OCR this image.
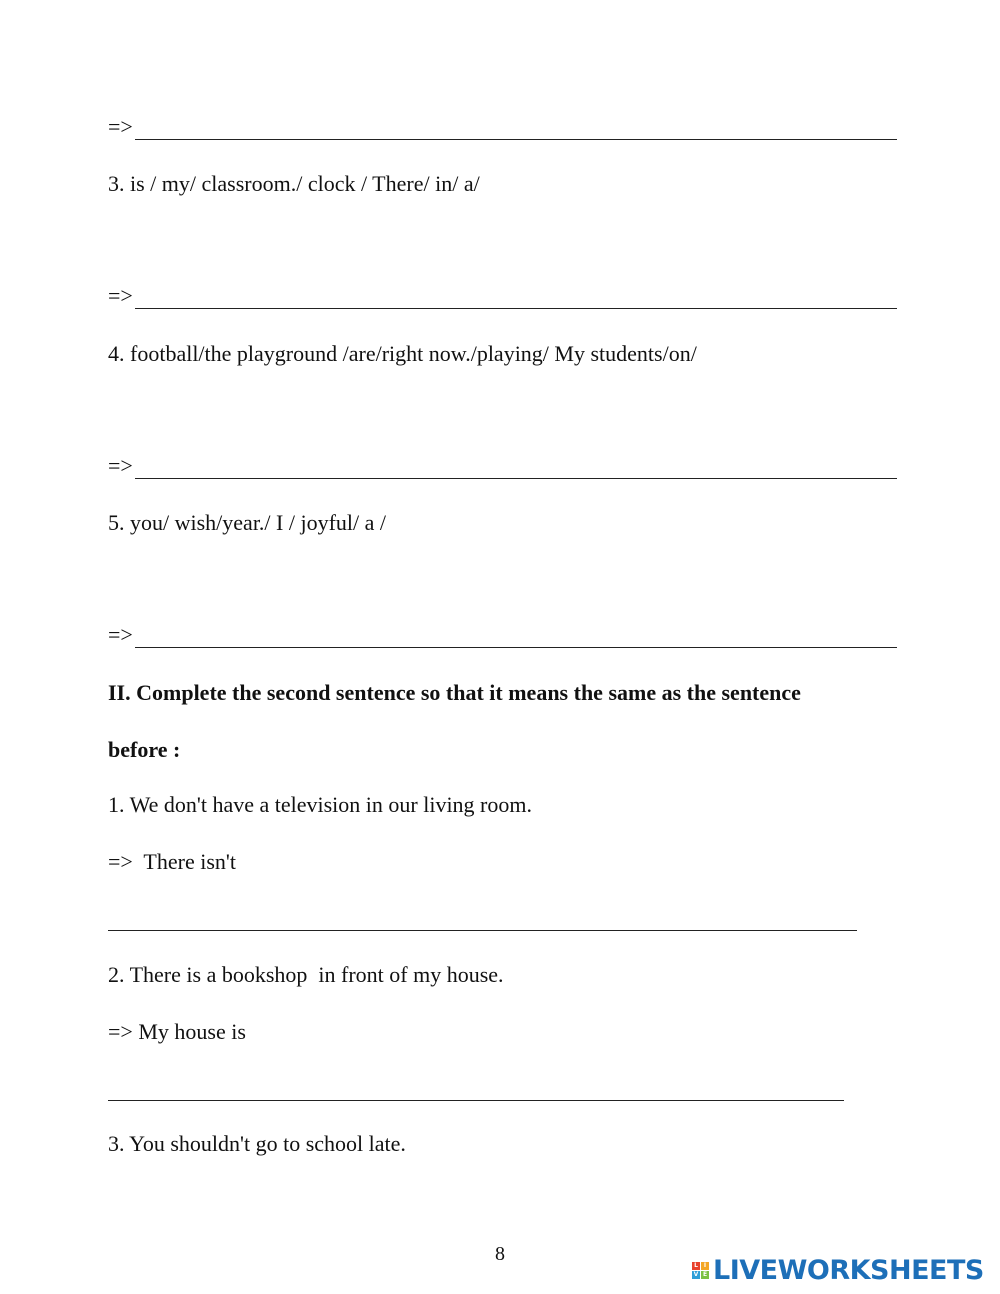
=>
3. is / my/ classroom./ clock / There/ in/ a/
=>
4. football/the playground /are/right now./playing/ My students/on/
=>
5. you/ wish/year./ I / joyful/ a /
=>
II. Complete the second sentence so that it means the same as the sentence
before :
1. We don't have a television in our living room.
=>  There isn't
2. There is a bookshop  in front of my house.
=> My house is
3. You shouldn't go to school late.
8	L I
V E LIVEWORKSHEETS
